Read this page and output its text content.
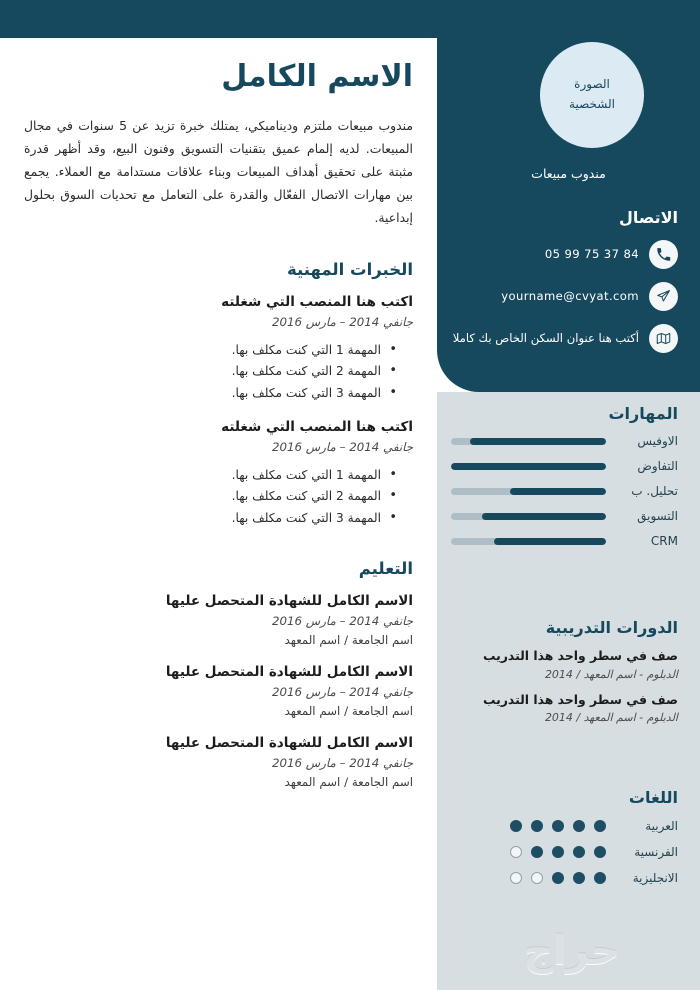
الاسم الكامل

مندوب مبيعات ملتزم وديناميكي، يمتلك خبرة تزيد عن 5 سنوات في مجال المبيعات. لديه إلمام عميق بتقنيات التسويق وفنون البيع، وقد أظهر قدرة مثبتة على تحقيق أهداف المبيعات وبناء علاقات مستدامة مع العملاء. يجمع بين مهارات الاتصال الفعّال والقدرة على التعامل مع تحديات السوق بحلول إبداعية.

الخبرات المهنية
اكتب هنا المنصب التي شغلته
جانفي 2014 – مارس 2016
• المهمة 1 التي كنت مكلف بها.
• المهمة 2 التي كنت مكلف بها.
• المهمة 3 التي كنت مكلف بها.
اكتب هنا المنصب التي شغلته
جانفي 2014 – مارس 2016
• المهمة 1 التي كنت مكلف بها.
• المهمة 2 التي كنت مكلف بها.
• المهمة 3 التي كنت مكلف بها.
التعليم
الاسم الكامل للشهادة المتحصل عليها
جانفي 2014 – مارس 2016
اسم الجامعة / اسم المعهد
الاسم الكامل للشهادة المتحصل عليها
جانفي 2014 – مارس 2016
اسم الجامعة / اسم المعهد
الاسم الكامل للشهادة المتحصل عليها
جانفي 2014 – مارس 2016
اسم الجامعة / اسم المعهد
الصورة
الشخصية
مندوب مبيعات
الاتصال
05 99 75 37 84
yourname@cvyat.com
أكتب هنا عنوان السكن الخاص بك كاملا
المهارات
الاوفيس
التفاوض
تحليل. ب
التسويق
CRM
الدورات التدريبية
صف في سطر واحد هذا التدريب
الدبلوم - اسم المعهد / 2014
صف في سطر واحد هذا التدريب
الدبلوم - اسم المعهد / 2014
اللغات
العربية
الفرنسية
الانجليزية
حراج
